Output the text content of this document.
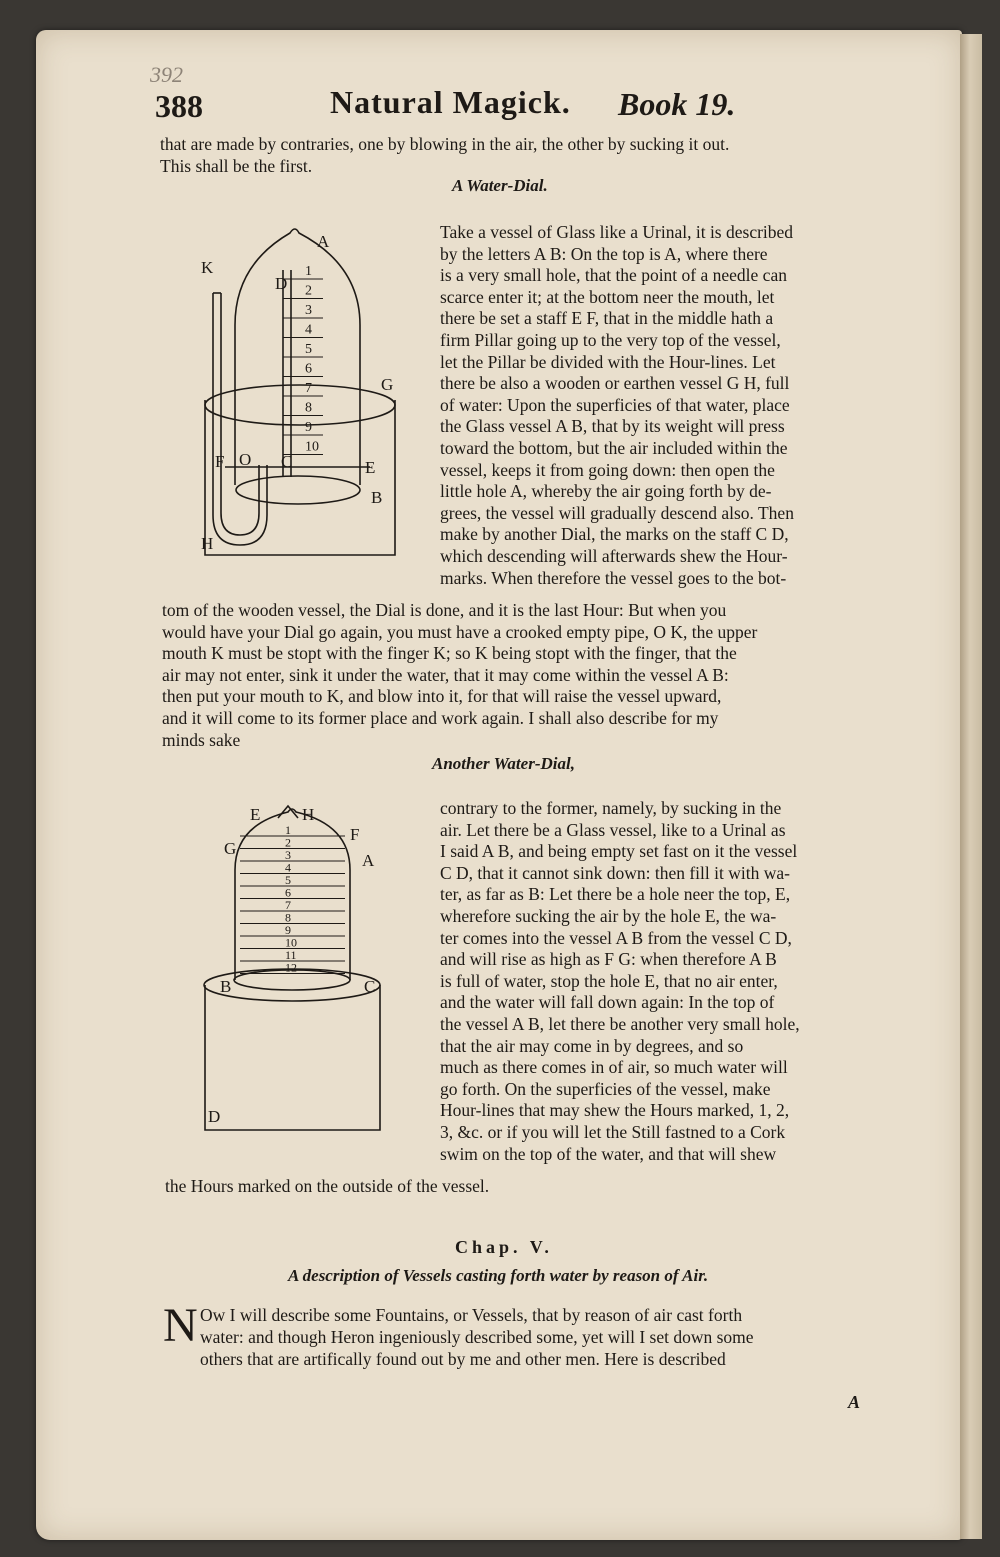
392
388	Natural Magick. Book 19.
that are made by contraries, one by blowing in the air, the other by sucking it out.
This shall be the first.
A Water-Dial.
A
K
D
G
O C	E
B
H
F
1
2
3
4
5
6
7
8
9
10
Take a vessel of Glass like a Urinal, it is described
by the letters A B: On the top is A, where there
is a very small hole, that the point of a needle can
scarce enter it; at the bottom neer the mouth, let
there be set a staff E F, that in the middle hath a
firm Pillar going up to the very top of the vessel,
let the Pillar be divided with the Hour-lines. Let
there be also a wooden or earthen vessel G H, full
of water: Upon the superficies of that water, place
the Glass vessel A B, that by its weight will press
toward the bottom, but the air included within the
vessel, keeps it from going down: then open the
little hole A, whereby the air going forth by de-
grees, the vessel will gradually descend also. Then
make by another Dial, the marks on the staff C D,
which descending will afterwards shew the Hour-
marks. When therefore the vessel goes to the bot-
tom of the wooden vessel, the Dial is done, and it is the last Hour: But when you
would have your Dial go again, you must have a crooked empty pipe, O K, the upper
mouth K must be stopt with the finger K; so K being stopt with the finger, that the
air may not enter, sink it under the water, that it may come within the vessel A B:
then put your mouth to K, and blow into it, for that will raise the vessel upward,
and it will come to its former place and work again. I shall also describe for my
minds sake
Another Water-Dial,
E H
F
G
A
B	C
D
1
2
3
4
5
6
7
8
9
10
11
12
contrary to the former, namely, by sucking in the
air. Let there be a Glass vessel, like to a Urinal as
I said A B, and being empty set fast on it the vessel
C D, that it cannot sink down: then fill it with wa-
ter, as far as B: Let there be a hole neer the top, E,
wherefore sucking the air by the hole E, the wa-
ter comes into the vessel A B from the vessel C D,
and will rise as high as F G: when therefore A B
is full of water, stop the hole E, that no air enter,
and the water will fall down again: In the top of
the vessel A B, let there be another very small hole,
that the air may come in by degrees, and so
much as there comes in of air, so much water will
go forth. On the superficies of the vessel, make
Hour-lines that may shew the Hours marked, 1, 2,
3, &c. or if you will let the Still fastned to a Cork
swim on the top of the water, and that will shew
the Hours marked on the outside of the vessel.
Chap. V.
A description of Vessels casting forth water by reason of Air.
N Ow I will describe some Fountains, or Vessels, that by reason of air cast forth
water: and though Heron ingeniously described some, yet will I set down some
others that are artifically found out by me and other men. Here is described
A
